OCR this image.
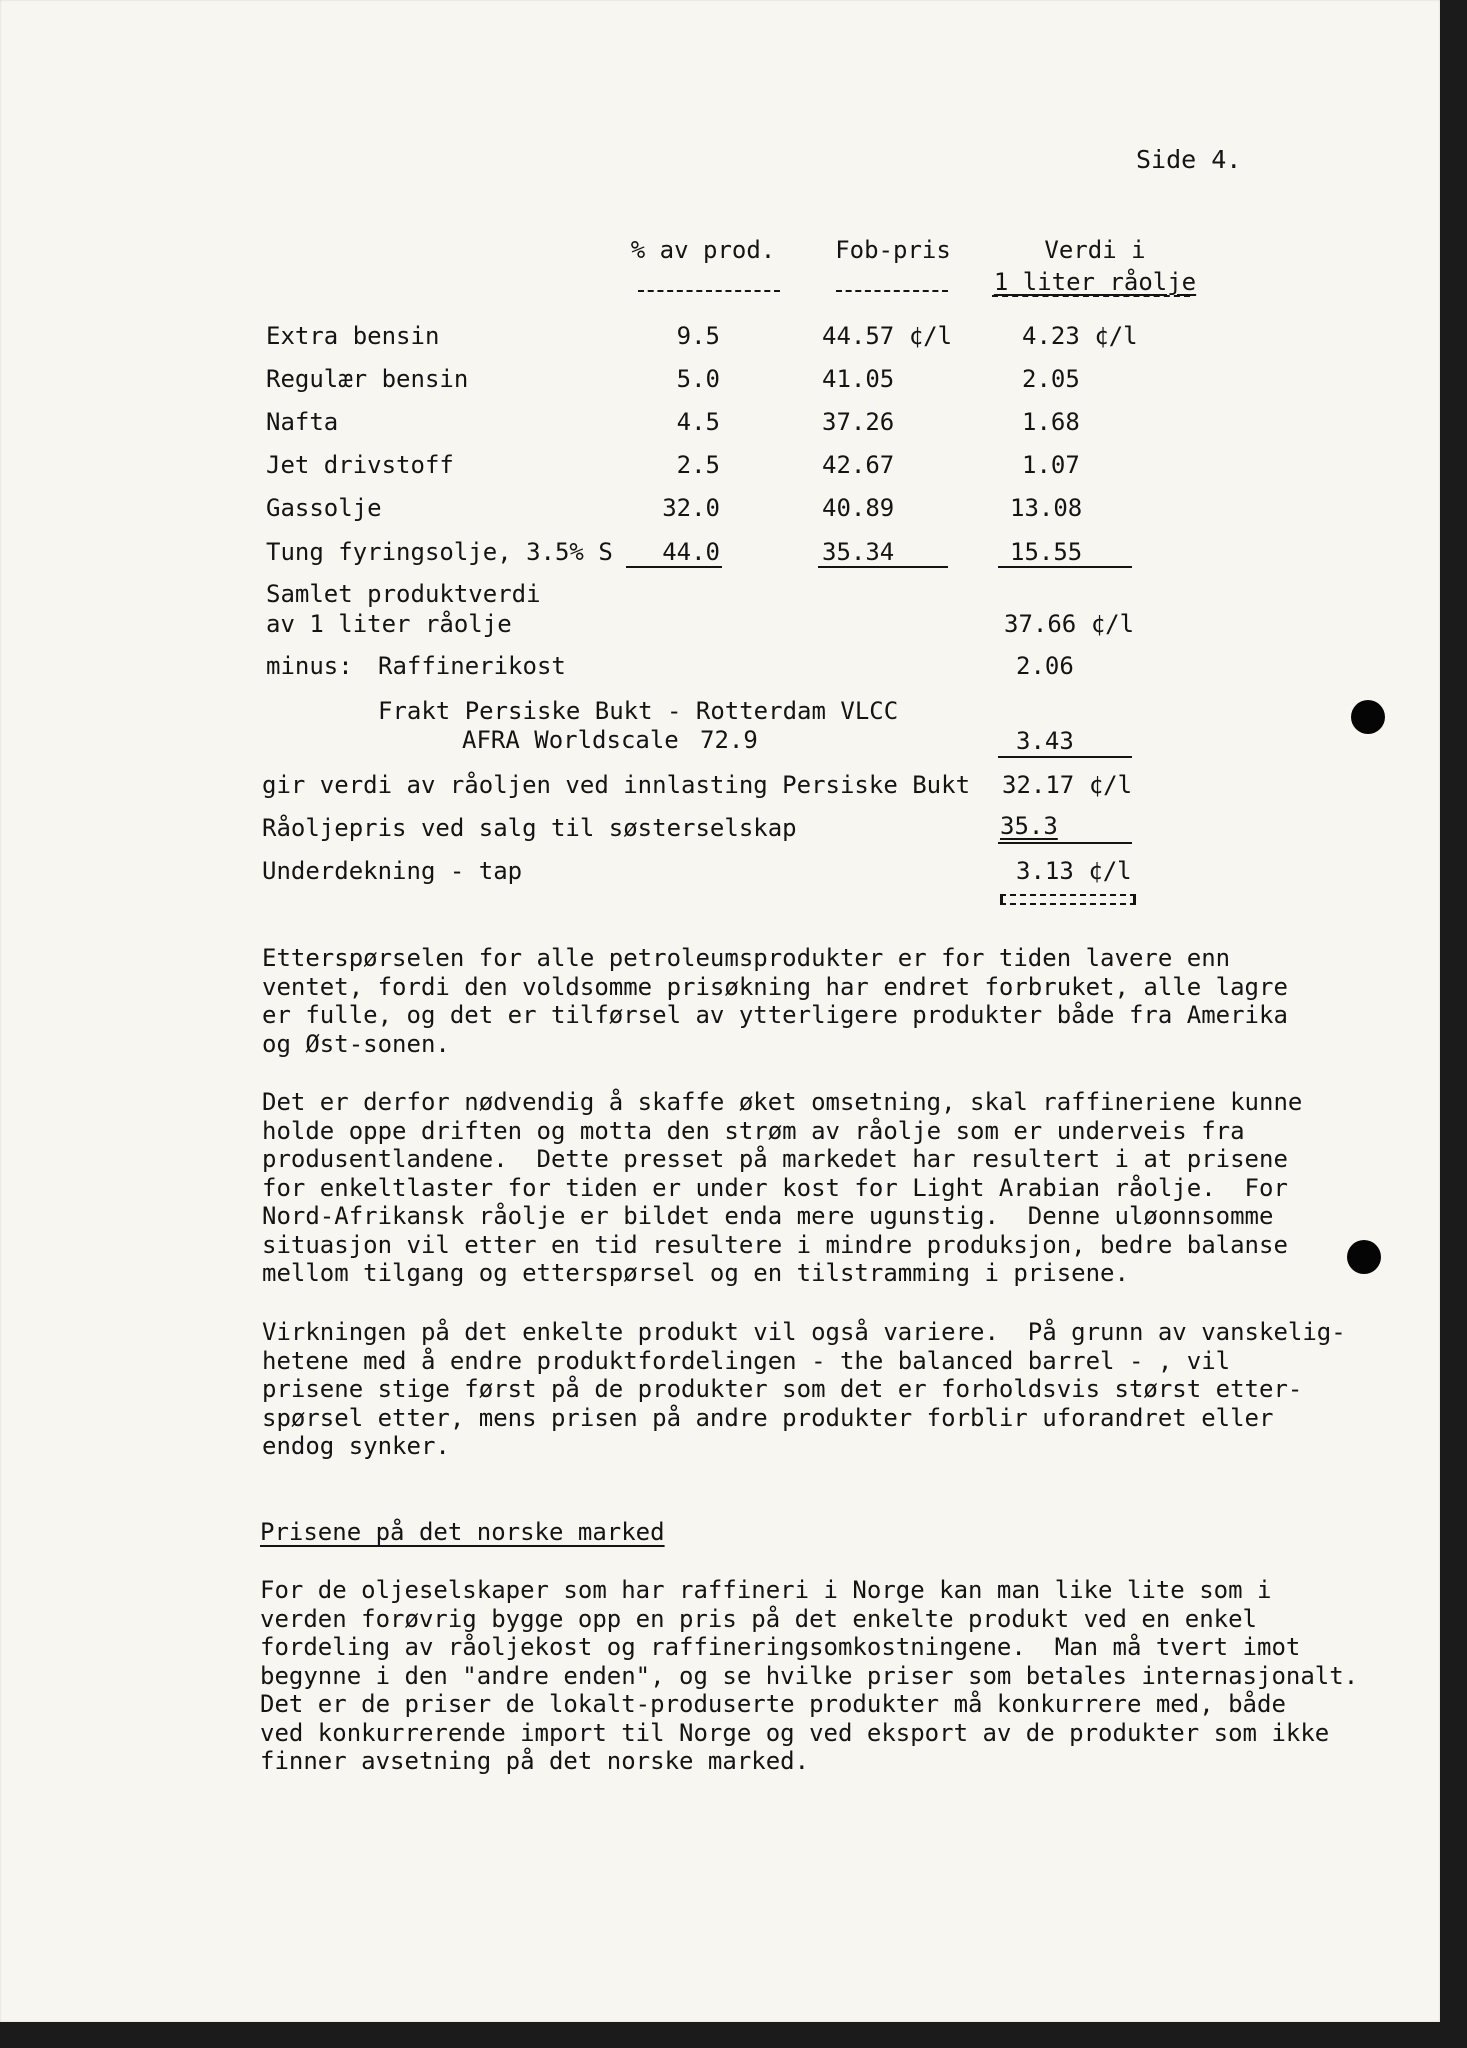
Side 4.
% av prod.	Fob-pris	Verdi i
1 liter råolje
Extra bensin	9.5	44.57 ¢/l	4.23 ¢/l
Regulær bensin	5.0	41.05	2.05
Nafta	4.5	37.26	1.68
Jet drivstoff	2.5	42.67	1.07
Gassolje	32.0	40.89	13.08
Tung fyringsolje, 3.5% S	44.0	35.34	15.55
Samlet produktverdi
av 1 liter råolje	37.66 ¢/l
minus: Raffinerikost	2.06
Frakt Persiske Bukt - Rotterdam VLCC
AFRA Worldscale 72.9	3.43
gir verdi av råoljen ved innlasting Persiske Bukt 32.17 ¢/l
Råoljepris ved salg til søsterselskap	35.3
Underdekning - tap	3.13 ¢/l
Etterspørselen for alle petroleumsprodukter er for tiden lavere enn
ventet, fordi den voldsomme prisøkning har endret forbruket, alle lagre
er fulle, og det er tilførsel av ytterligere produkter både fra Amerika
og Øst-sonen.
Det er derfor nødvendig å skaffe øket omsetning, skal raffineriene kunne
holde oppe driften og motta den strøm av råolje som er underveis fra
produsentlandene.  Dette presset på markedet har resultert i at prisene
for enkeltlaster for tiden er under kost for Light Arabian råolje.  For
Nord-Afrikansk råolje er bildet enda mere ugunstig.  Denne uløonnsomme
situasjon vil etter en tid resultere i mindre produksjon, bedre balanse
mellom tilgang og etterspørsel og en tilstramming i prisene.
Virkningen på det enkelte produkt vil også variere.  På grunn av vanskelig-
hetene med å endre produktfordelingen - the balanced barrel - , vil
prisene stige først på de produkter som det er forholdsvis størst etter-
spørsel etter, mens prisen på andre produkter forblir uforandret eller
endog synker.
Prisene på det norske marked
For de oljeselskaper som har raffineri i Norge kan man like lite som i
verden forøvrig bygge opp en pris på det enkelte produkt ved en enkel
fordeling av råoljekost og raffineringsomkostningene.  Man må tvert imot
begynne i den "andre enden", og se hvilke priser som betales internasjonalt.
Det er de priser de lokalt-produserte produkter må konkurrere med, både
ved konkurrerende import til Norge og ved eksport av de produkter som ikke
finner avsetning på det norske marked.
